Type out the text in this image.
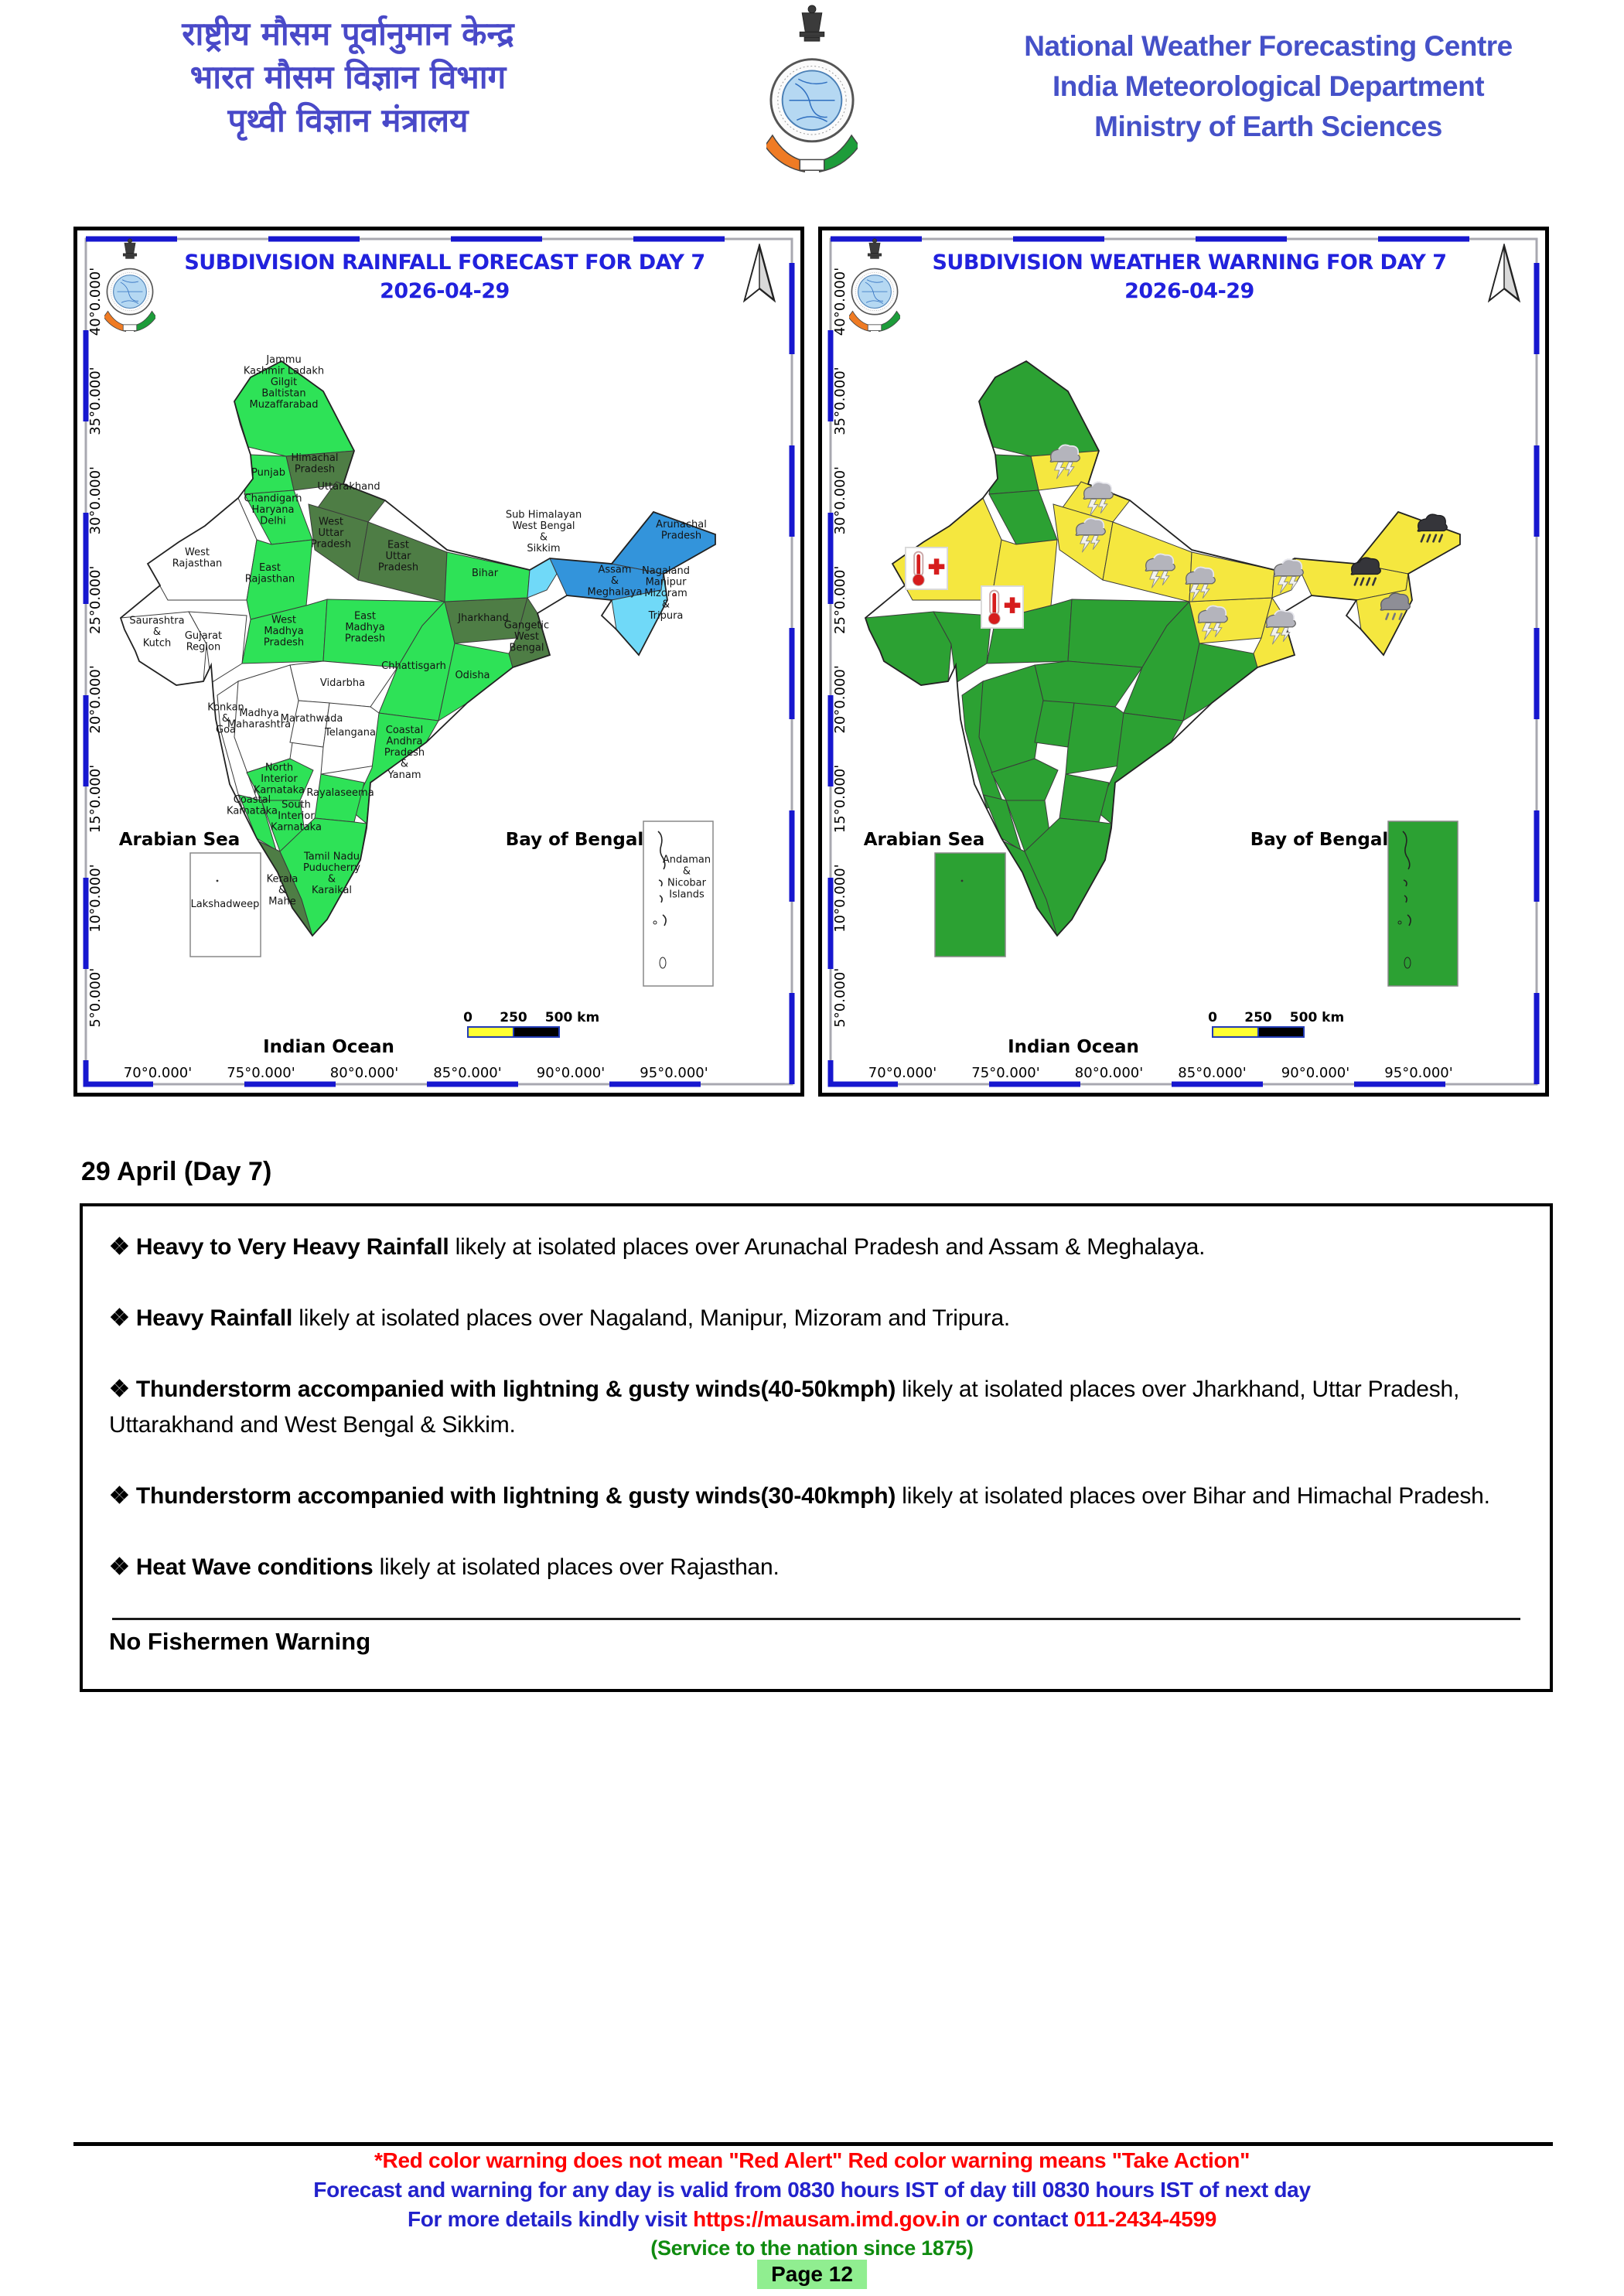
राष्ट्रीय मौसम पूर्वानुमान केन्द्र
भारत मौसम विज्ञान विभाग
पृथ्वी विज्ञान मंत्रालय
National Weather Forecasting Centre
India Meteorological Department
Ministry of Earth Sciences
SUBDIVISION RAINFALL FORECAST FOR DAY 7
2026-04-29
40°0.000'
35°0.000'
30°0.000'
25°0.000'
20°0.000'
15°0.000'
10°0.000'
5°0.000'
70°0.000'	75°0.000'	80°0.000'	85°0.000'	90°0.000'	95°0.000'
Jammu Kashmir Ladakh Gilgit Baltistan Muzaffarabad
Himachal Pradesh
Punjab
Chandigarh Haryana Delhi
Uttarakhand
West Uttar Pradesh	East Uttar Pradesh
West Rajasthan	East Rajasthan
Gujarat Region
Saurashtra & Kutch
West Madhya Pradesh
East Madhya Pradesh
Chhattisgarh
Vidarbha
Madhya Maharashtra
Marathwada
Konkan & Goa	Telangana Coastal Andhra Pradesh & Yanam
Rayalaseema
North Interior Karnataka
Coastal Karnataka
South Interior Karnataka
Kerala & Mahe
Tamil Nadu Puducherry & Karaikal
Odisha
Jharkhand
Bihar
Gangetic West Bengal
Sub Himalayan West Bengal & Sikkim
Assam & Meghalaya
Arunachal Pradesh
Nagaland Manipur Mizoram & Tripura
Arabian Sea	Bay of Bengal
Indian Ocean
Lakshadweep
Andaman & Nicobar Islands
0 250 500 km
SUBDIVISION WEATHER WARNING FOR DAY 7
2026-04-29
40°0.000'
35°0.000'
30°0.000'
25°0.000'
20°0.000'
15°0.000'
10°0.000'
5°0.000'
70°0.000'	75°0.000'	80°0.000'	85°0.000'	90°0.000'	95°0.000'
Arabian Sea	Bay of Bengal
Indian Ocean
0 250 500 km
29 April (Day 7)
❖ Heavy to Very Heavy Rainfall likely at isolated places over Arunachal Pradesh and Assam & Meghalaya.
❖ Heavy Rainfall likely at isolated places over Nagaland, Manipur, Mizoram and Tripura.
❖ Thunderstorm accompanied with lightning & gusty winds(40-50kmph) likely at isolated places over Jharkhand, Uttar Pradesh, Uttarakhand and West Bengal & Sikkim.
❖ Thunderstorm accompanied with lightning & gusty winds(30-40kmph) likely at isolated places over Bihar and Himachal Pradesh.
❖ Heat Wave conditions likely at isolated places over Rajasthan.
No Fishermen Warning
*Red color warning does not mean "Red Alert" Red color warning means "Take Action"
Forecast and warning for any day is valid from 0830 hours IST of day till 0830 hours IST of next day
For more details kindly visit https://mausam.imd.gov.in or contact 011-2434-4599
(Service to the nation since 1875)
Page 12
